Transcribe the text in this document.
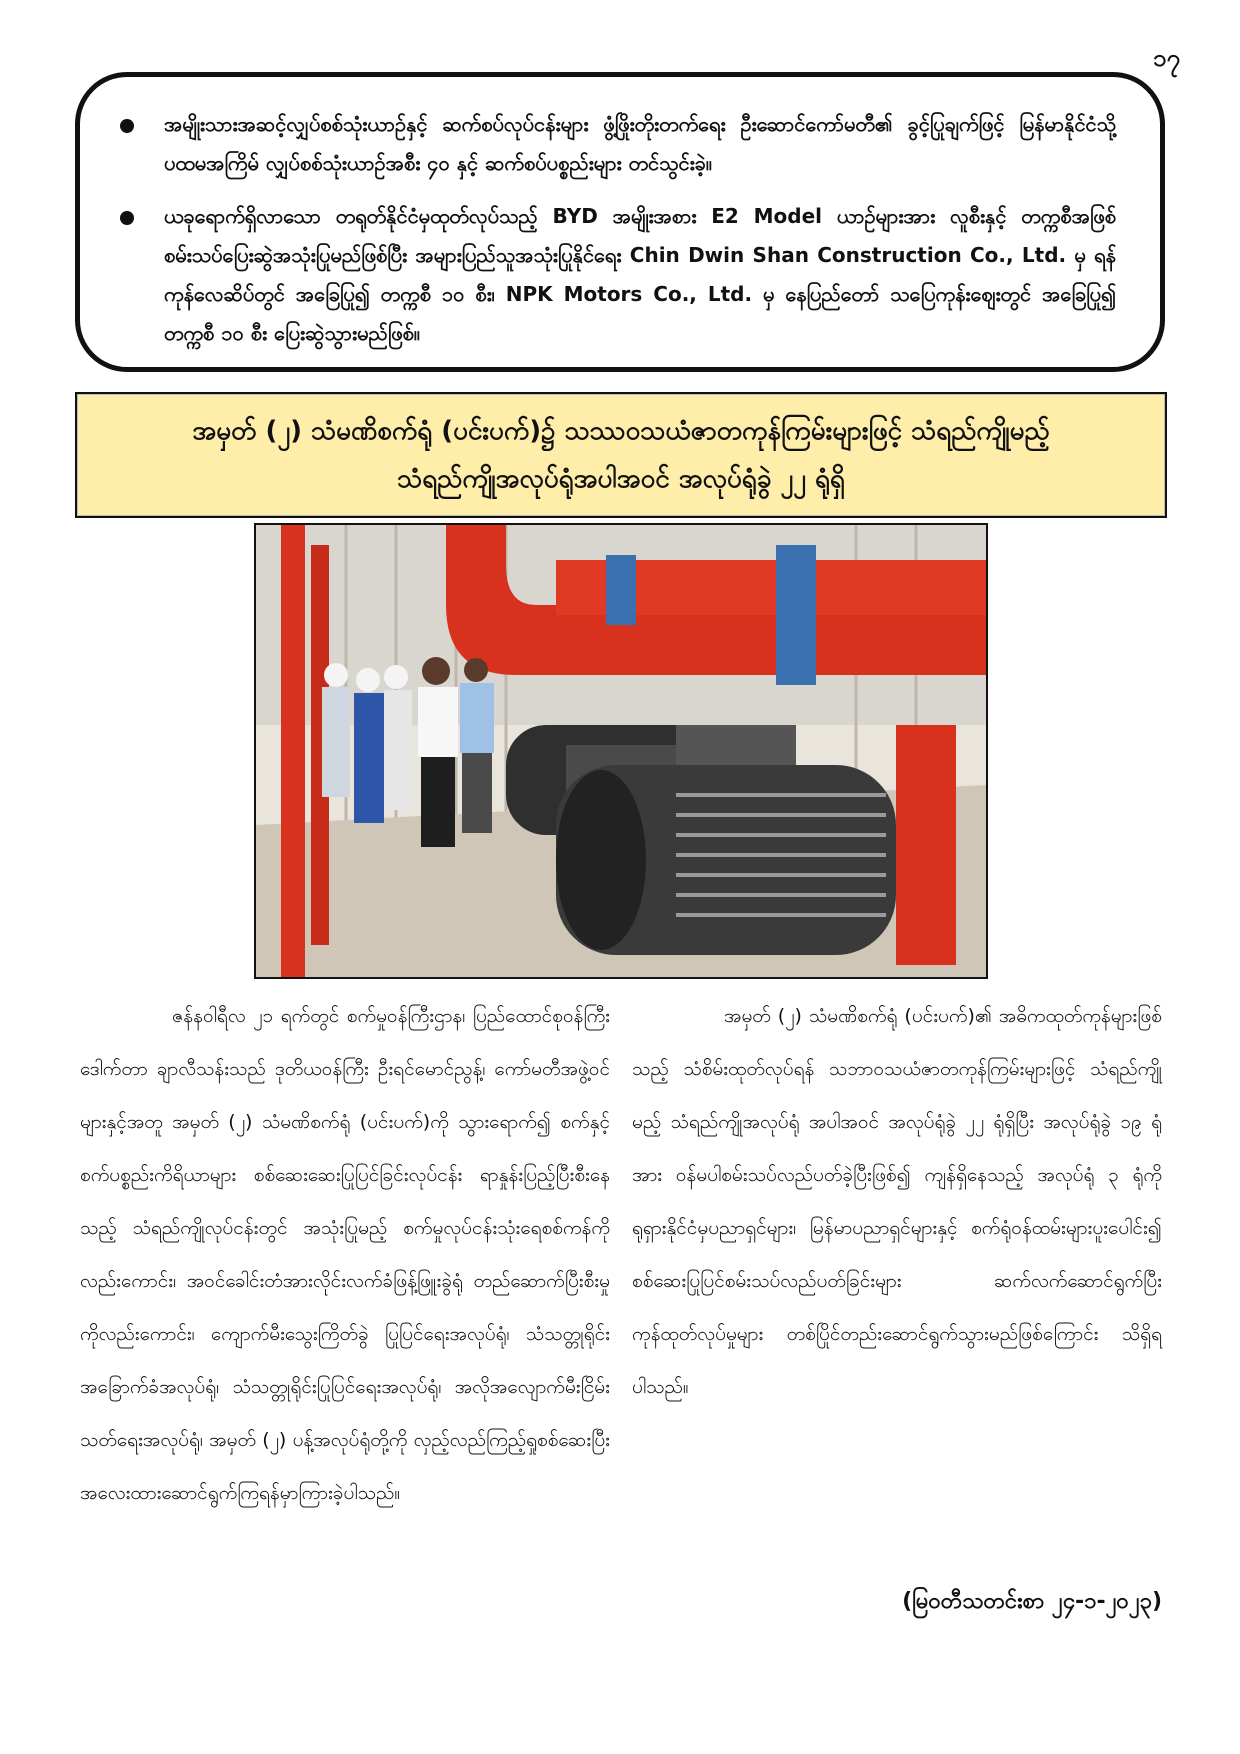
၁၇
အမျိုးသားအဆင့်လျှပ်စစ်သုံးယာဉ်နှင့် ဆက်စပ်လုပ်ငန်းများ ဖွံ့ဖြိုးတိုးတက်ရေး ဦးဆောင်ကော်မတီ၏ ခွင့်ပြုချက်ဖြင့် မြန်မာနိုင်ငံသို့ ပထမအကြိမ် လျှပ်စစ်သုံးယာဉ်အစီး ၄၀ နှင့် ဆက်စပ်ပစ္စည်းများ တင်သွင်းခဲ့။
ယခုရောက်ရှိလာသော တရုတ်နိုင်ငံမှထုတ်လုပ်သည့် BYD အမျိုးအစား E2 Model ယာဉ်များအား လူစီးနှင့် တက္ကစီအဖြစ် စမ်းသပ်ပြေးဆွဲအသုံးပြုမည်ဖြစ်ပြီး အများပြည်သူအသုံးပြုနိုင်ရေး Chin Dwin Shan Construction Co., Ltd. မှ ရန်ကုန်လေဆိပ်တွင် အခြေပြု၍ တက္ကစီ ၁၀ စီး၊ NPK Motors Co., Ltd. မှ နေပြည်တော် သပြေကုန်းဈေးတွင် အခြေပြု၍ တက္ကစီ ၁၀ စီး ပြေးဆွဲသွားမည်ဖြစ်။
အမှတ် (၂) သံမဏိစက်ရုံ (ပင်းပက်)၌ သဿဝသယံဇာတကုန်ကြမ်းများဖြင့် သံရည်ကျိုမည့်
သံရည်ကျိုအလုပ်ရုံအပါအဝင် အလုပ်ရုံခွဲ ၂၂ ရုံရှိ
ဇန်နဝါရီလ ၂၁ ရက်တွင် စက်မှုဝန်ကြီးဌာန၊ ပြည်ထောင်စုဝန်ကြီး ဒေါက်တာ ချာလီသန်းသည် ဒုတိယဝန်ကြီး ဦးရင်မောင်ညွန့်၊ ကော်မတီအဖွဲ့ဝင်များနှင့်အတူ အမှတ် (၂) သံမဏိစက်ရုံ (ပင်းပက်)ကို သွားရောက်၍ စက်နှင့် စက်ပစ္စည်းကိရိယာများ စစ်ဆေးဆေးပြုပြင်ခြင်းလုပ်ငန်း ရာနှုန်းပြည့်ပြီးစီးနေသည့် သံရည်ကျိုလုပ်ငန်းတွင် အသုံးပြုမည့် စက်မှုလုပ်ငန်းသုံးရေစစ်ကန်ကိုလည်းကောင်း၊ အဝင်ခေါင်းတံအားလိုင်းလက်ခံဖြန့်ဖြူးခွဲရုံ တည်ဆောက်ပြီးစီးမှုကိုလည်းကောင်း၊ ကျောက်မီးသွေးကြိတ်ခွဲ ပြုပြင်ရေးအလုပ်ရုံ၊ သံသတ္တုရိုင်းအခြောက်ခံအလုပ်ရုံ၊ သံသတ္တုရိုင်းပြုပြင်ရေးအလုပ်ရုံ၊ အလိုအလျောက်မီးငြိမ်းသတ်ရေးအလုပ်ရုံ၊ အမှတ် (၂) ပန့်အလုပ်ရုံတို့ကို လှည့်လည်ကြည့်ရှုစစ်ဆေးပြီး အလေးထားဆောင်ရွက်ကြရန်မှာကြားခဲ့ပါသည်။
အမှတ် (၂) သံမဏိစက်ရုံ (ပင်းပက်)၏ အဓိကထုတ်ကုန်များဖြစ်သည့် သံစိမ်းထုတ်လုပ်ရန် သဘာဝသယံဇာတကုန်ကြမ်းများဖြင့် သံရည်ကျိုမည့် သံရည်ကျိုအလုပ်ရုံ အပါအဝင် အလုပ်ရုံခွဲ ၂၂ ရုံရှိပြီး အလုပ်ရုံခွဲ ၁၉ ရုံအား ဝန်မပါစမ်းသပ်လည်ပတ်ခဲ့ပြီးဖြစ်၍ ကျန်ရှိနေသည့် အလုပ်ရုံ ၃ ရုံကို ရုရှားနိုင်ငံမှပညာရှင်များ၊ မြန်မာပညာရှင်များနှင့် စက်ရုံဝန်ထမ်းများပူးပေါင်း၍ စစ်ဆေးပြုပြင်စမ်းသပ်လည်ပတ်ခြင်းများ ဆက်လက်ဆောင်ရွက်ပြီး ကုန်ထုတ်လုပ်မှုများ တစ်ပြိုင်တည်းဆောင်ရွက်သွားမည်ဖြစ်ကြောင်း သိရှိရပါသည်။
(မြဝတီသတင်းစာ ၂၄-၁-၂၀၂၃)
